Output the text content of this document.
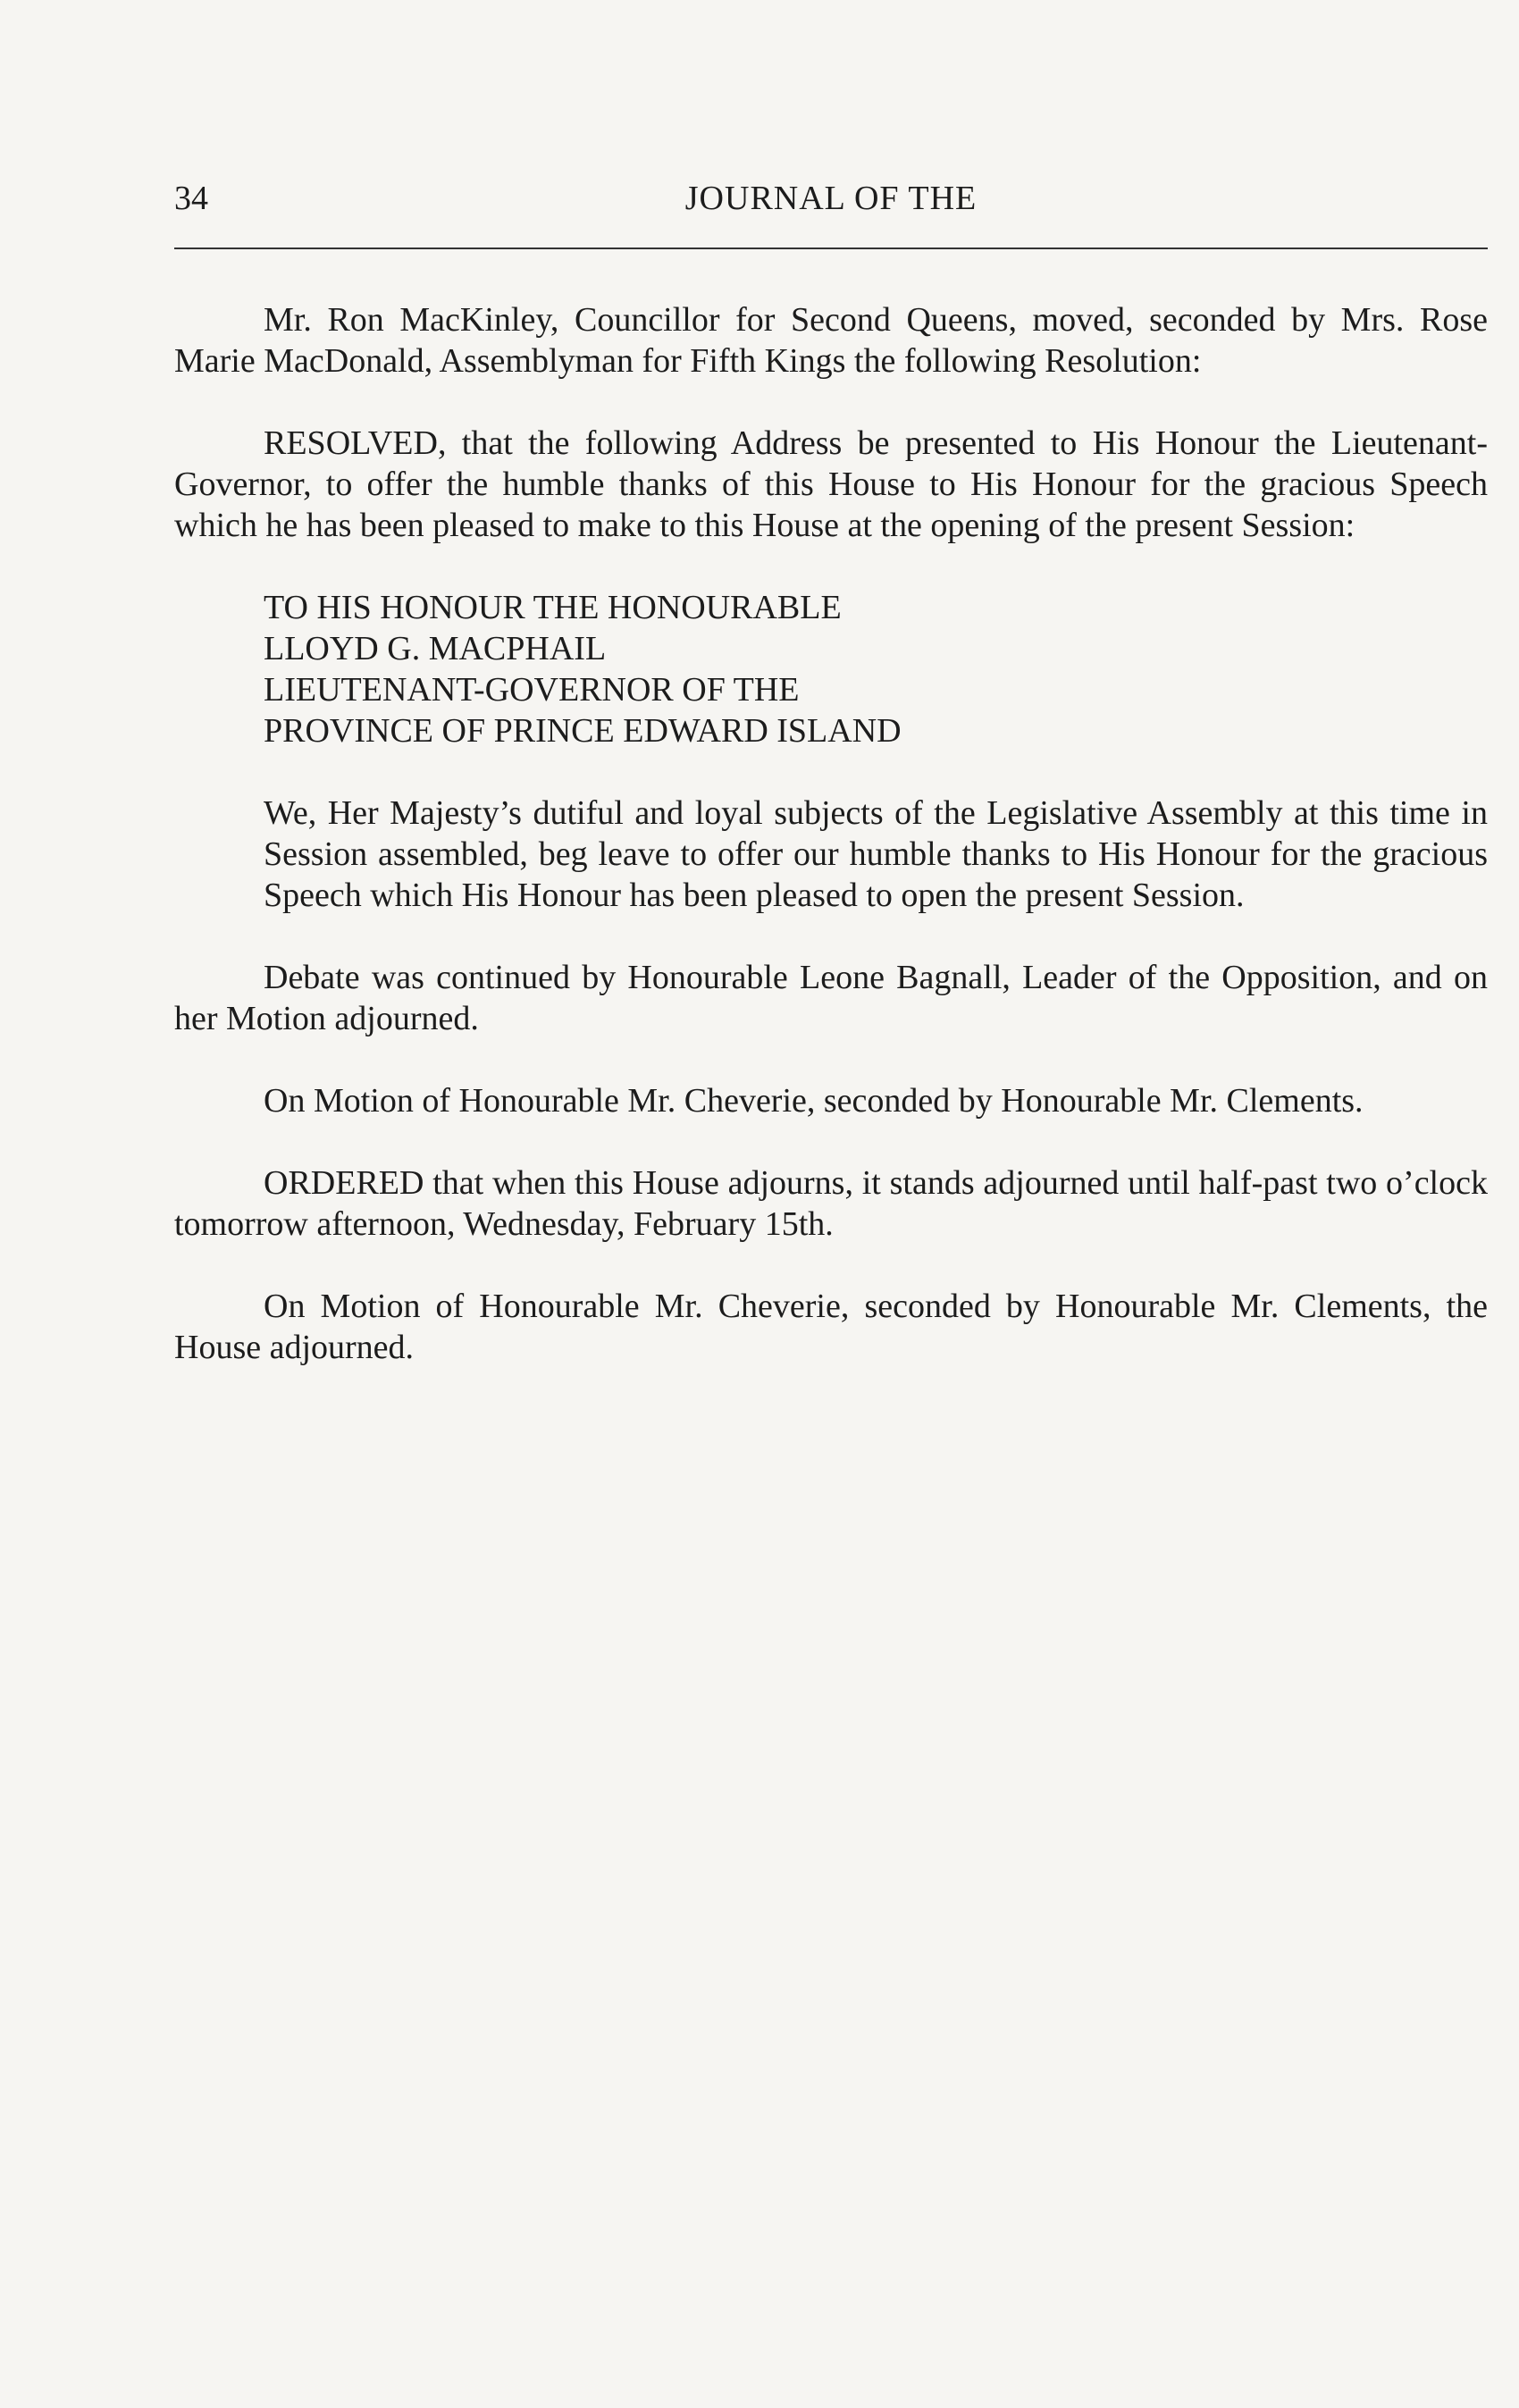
34	JOURNAL OF THE

Mr. Ron MacKinley, Councillor for Second Queens, moved, seconded by Mrs. Rose Marie MacDonald, Assemblyman for Fifth Kings the following Resolution:

RESOLVED, that the following Address be presented to His Honour the Lieutenant-Governor, to offer the humble thanks of this House to His Honour for the gracious Speech which he has been pleased to make to this House at the opening of the present Session:

TO HIS HONOUR THE HONOURABLE
LLOYD G. MACPHAIL
LIEUTENANT-GOVERNOR OF THE
PROVINCE OF PRINCE EDWARD ISLAND

We, Her Majesty’s dutiful and loyal subjects of the Legislative Assembly at this time in Session assembled, beg leave to offer our humble thanks to His Honour for the gracious Speech which His Honour has been pleased to open the present Session.

Debate was continued by Honourable Leone Bagnall, Leader of the Opposition, and on her Motion adjourned.

On Motion of Honourable Mr. Cheverie, seconded by Honourable Mr. Clements.

ORDERED that when this House adjourns, it stands adjourned until half-past two o’clock tomorrow afternoon, Wednesday, February 15th.

On Motion of Honourable Mr. Cheverie, seconded by Honourable Mr. Clements, the House adjourned.
